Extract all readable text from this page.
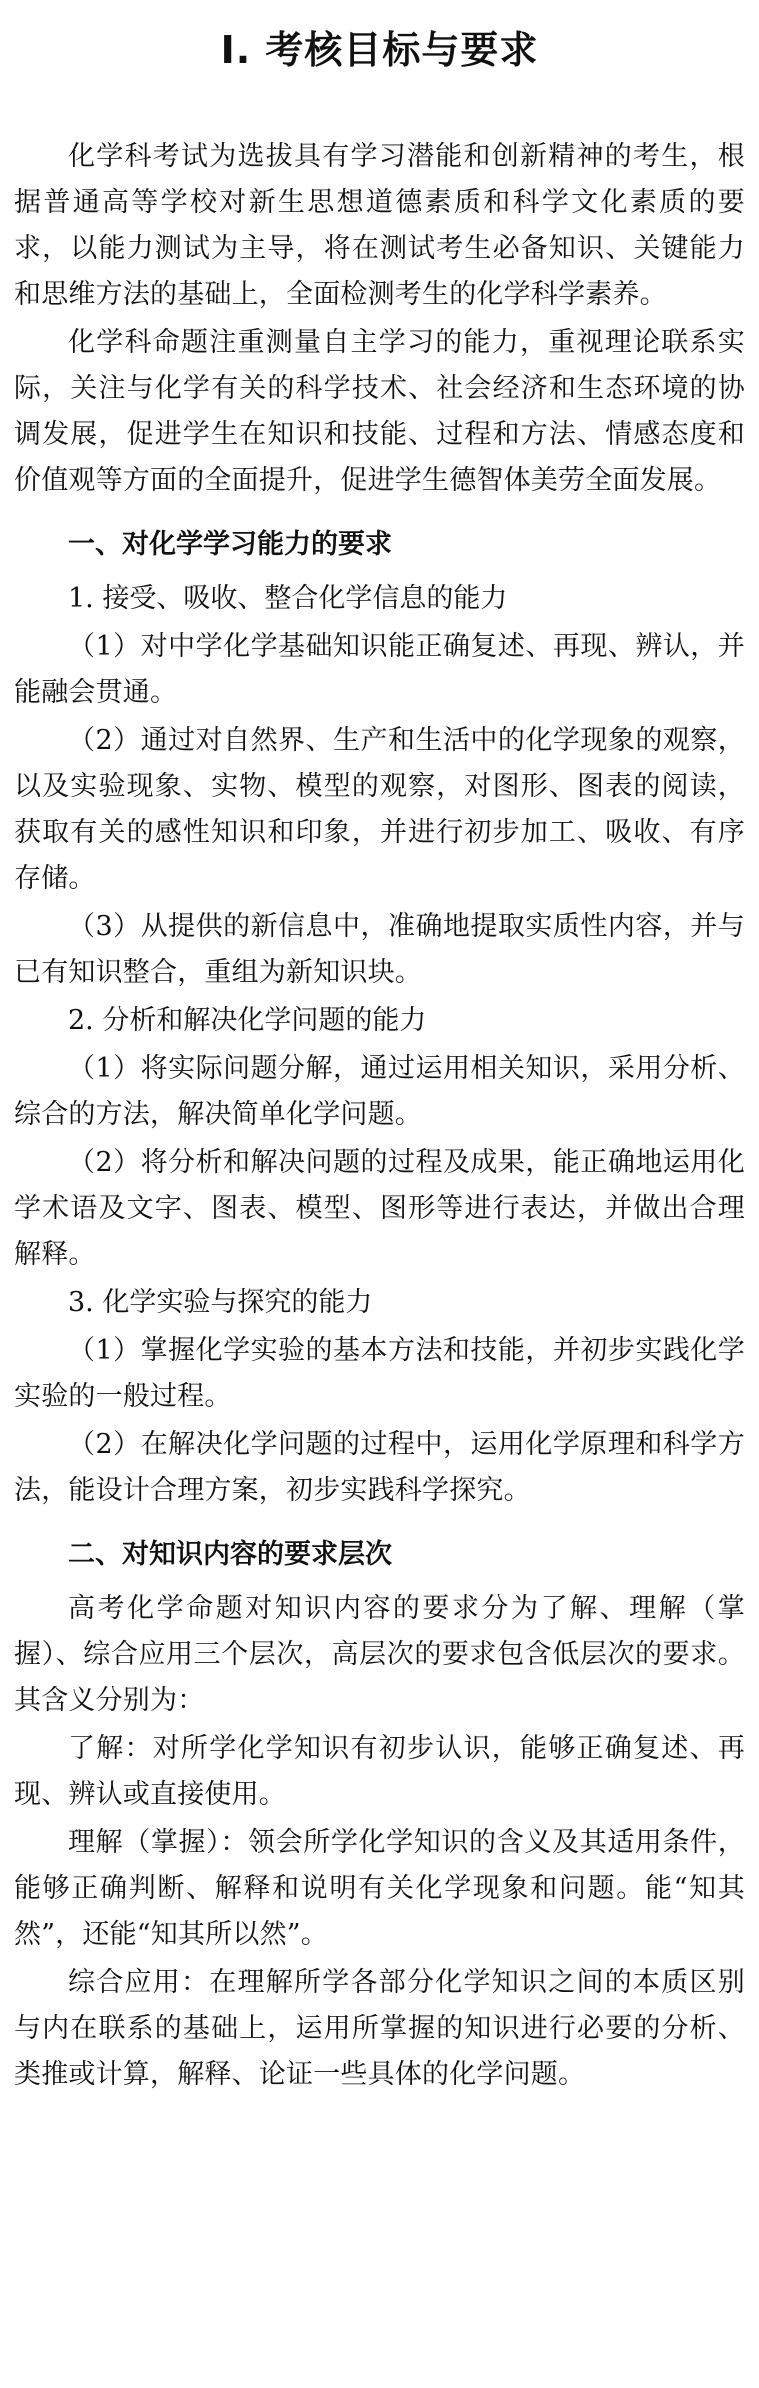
Ⅰ. 考核目标与要求

化学科考试为选拔具有学习潜能和创新精神的考生，根据普通高等学校对新生思想道德素质和科学文化素质的要求，以能力测试为主导，将在测试考生必备知识、关键能力和思维方法的基础上，全面检测考生的化学科学素养。

化学科命题注重测量自主学习的能力，重视理论联系实际，关注与化学有关的科学技术、社会经济和生态环境的协调发展，促进学生在知识和技能、过程和方法、情感态度和价值观等方面的全面提升，促进学生德智体美劳全面发展。

一、对化学学习能力的要求
1. 接受、吸收、整合化学信息的能力

（1）对中学化学基础知识能正确复述、再现、辨认，并能融会贯通。

（2）通过对自然界、生产和生活中的化学现象的观察，以及实验现象、实物、模型的观察，对图形、图表的阅读，获取有关的感性知识和印象，并进行初步加工、吸收、有序存储。

（3）从提供的新信息中，准确地提取实质性内容，并与已有知识整合，重组为新知识块。

2. 分析和解决化学问题的能力

（1）将实际问题分解，通过运用相关知识，采用分析、综合的方法，解决简单化学问题。

（2）将分析和解决问题的过程及成果，能正确地运用化学术语及文字、图表、模型、图形等进行表达，并做出合理解释。

3. 化学实验与探究的能力

（1）掌握化学实验的基本方法和技能，并初步实践化学实验的一般过程。

（2）在解决化学问题的过程中，运用化学原理和科学方法，能设计合理方案，初步实践科学探究。

二、对知识内容的要求层次

高考化学命题对知识内容的要求分为了解、理解（掌握）、综合应用三个层次，高层次的要求包含低层次的要求。其含义分别为：

了解：对所学化学知识有初步认识，能够正确复述、再现、辨认或直接使用。

理解（掌握）：领会所学化学知识的含义及其适用条件，能够正确判断、解释和说明有关化学现象和问题。能“知其然”，还能“知其所以然”。

综合应用：在理解所学各部分化学知识之间的本质区别与内在联系的基础上，运用所掌握的知识进行必要的分析、类推或计算，解释、论证一些具体的化学问题。
